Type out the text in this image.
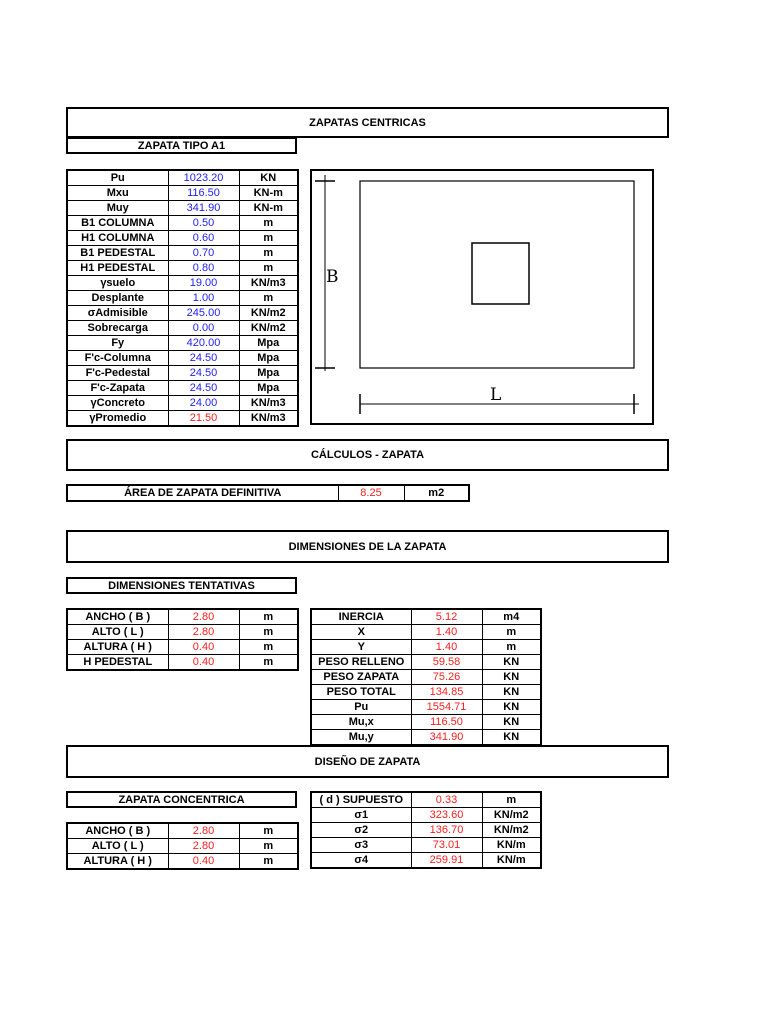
ZAPATAS CENTRICAS
ZAPATA TIPO A1
Pu	1023.20	KN
Mxu	116.50	KN-m
Muy	341.90	KN-m
B1 COLUMNA	0.50	m
H1 COLUMNA	0.60	m
B1 PEDESTAL	0.70	m
H1 PEDESTAL	0.80	m
γsuelo	19.00	KN/m3
Desplante	1.00	m
σAdmisible	245.00	KN/m2
Sobrecarga	0.00	KN/m2
Fy	420.00	Mpa
F'c-Columna	24.50	Mpa
F'c-Pedestal	24.50	Mpa
F'c-Zapata	24.50	Mpa
γConcreto	24.00	KN/m3
γPromedio	21.50	KN/m3
B
L
CÁLCULOS - ZAPATA
ÁREA DE ZAPATA DEFINITIVA	8.25	m2
DIMENSIONES DE LA ZAPATA
DIMENSIONES TENTATIVAS
ANCHO ( B )	2.80	m
ALTO ( L )	2.80	m
ALTURA ( H )	0.40	m
H PEDESTAL	0.40	m
INERCIA	5.12	m4
X	1.40	m
Y	1.40	m
PESO RELLENO	59.58	KN
PESO ZAPATA	75.26	KN
PESO TOTAL	134.85	KN
Pu	1554.71	KN
Mu,x	116.50	KN
Mu,y	341.90	KN
DISEÑO DE ZAPATA
ZAPATA CONCENTRICA
ANCHO ( B )	2.80	m
ALTO ( L )	2.80	m
ALTURA ( H )	0.40	m
( d ) SUPUESTO	0.33	m
σ1	323.60	KN/m2
σ2	136.70	KN/m2
σ3	73.01	KN/m
σ4	259.91	KN/m
